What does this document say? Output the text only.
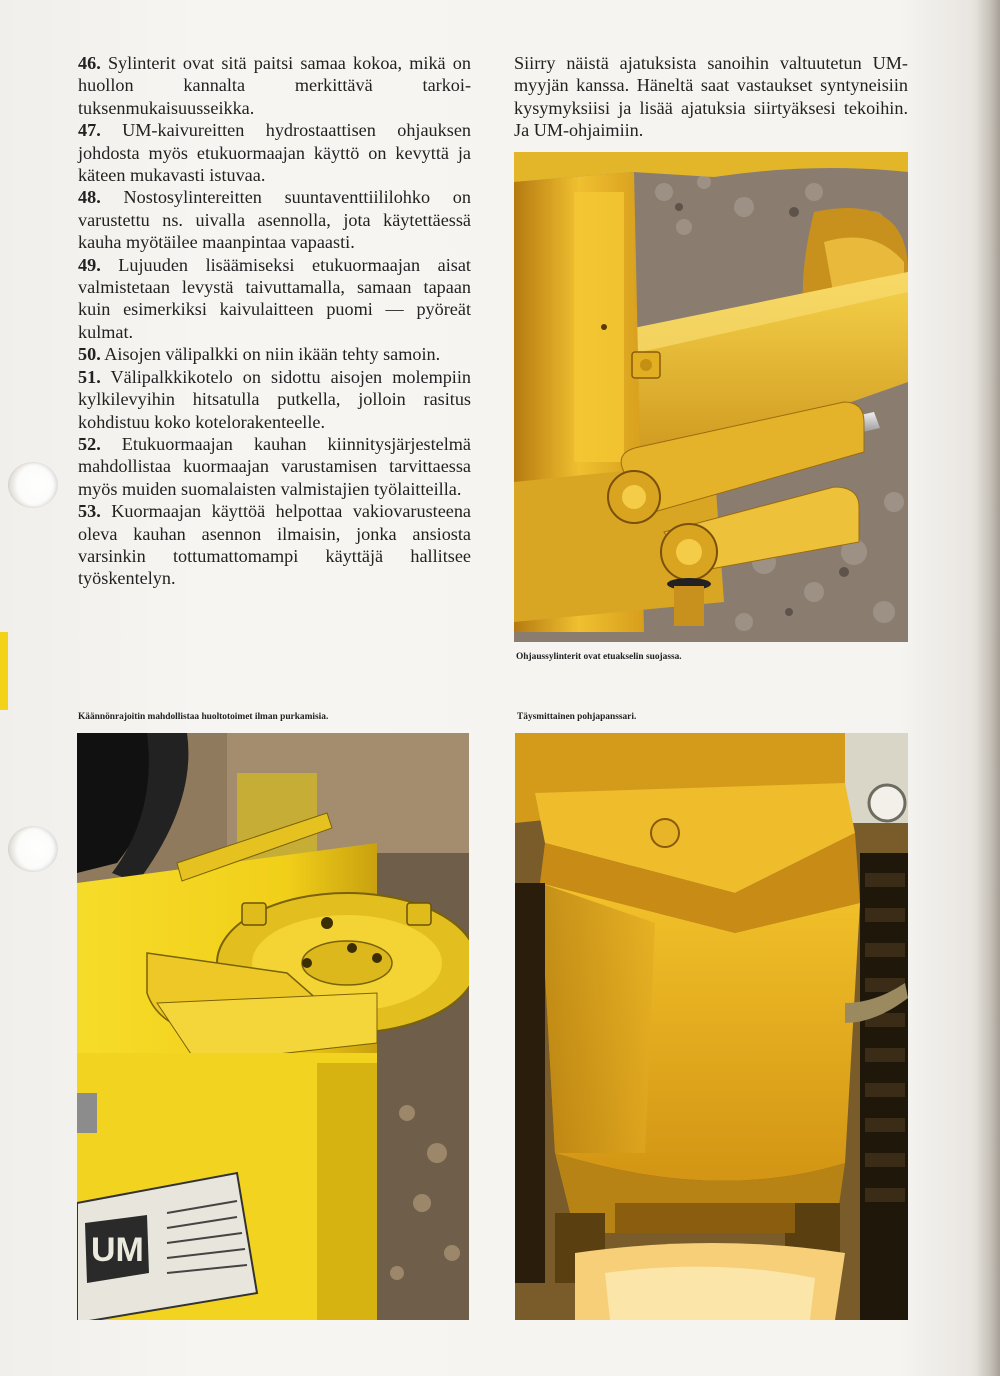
46. Sylinterit ovat sitä paitsi samaa kokoa, mikä on huollon kannalta merkittävä tarkoituksenmukaisuusseikka.

47. UM-kaivureitten hydrostaattisen ohjauksen johdosta myös etukuormaajan käyttö on kevyttä ja käteen mukavasti istuvaa.

48. Nostosylintereitten suuntaventtiililohko on varustettu ns. uivalla asennolla, jota käytettäessä kauha myötäilee maanpintaa vapaasti.

49. Lujuuden lisäämiseksi etukuormaajan aisat valmistetaan levystä taivuttamalla, samaan tapaan kuin esimerkiksi kaivulaitteen puomi — pyöreät kulmat.

50. Aisojen välipalkki on niin ikään tehty samoin.

51. Välipalkkikotelo on sidottu aisojen molempiin kylkilevyihin hitsatulla putkella, jolloin rasitus kohdistuu koko kotelorakenteelle.

52. Etukuormaajan kauhan kiinnitysjärjestelmä mahdollistaa kuormaajan varustamisen tarvittaessa myös muiden suomalaisten valmistajien työlaitteilla.

53. Kuormaajan käyttöä helpottaa vakiovarusteena oleva kauhan asennon ilmaisin, jonka ansiosta varsinkin tottumattomampi käyttäjä hallitsee työskentelyn.

Siirry näistä ajatuksista sanoihin valtuutetun UM-myyjän kanssa. Häneltä saat vastaukset syntyneisiin kysymyksiisi ja lisää ajatuksia siirtyäksesi tekoihin. Ja UM-ohjaimiin.

Ohjaussylinterit ovat etuakselin suojassa.
Käännönrajoitin mahdollistaa huoltotoimet ilman purkamisia.
UM
Täysmittainen pohjapanssari.
